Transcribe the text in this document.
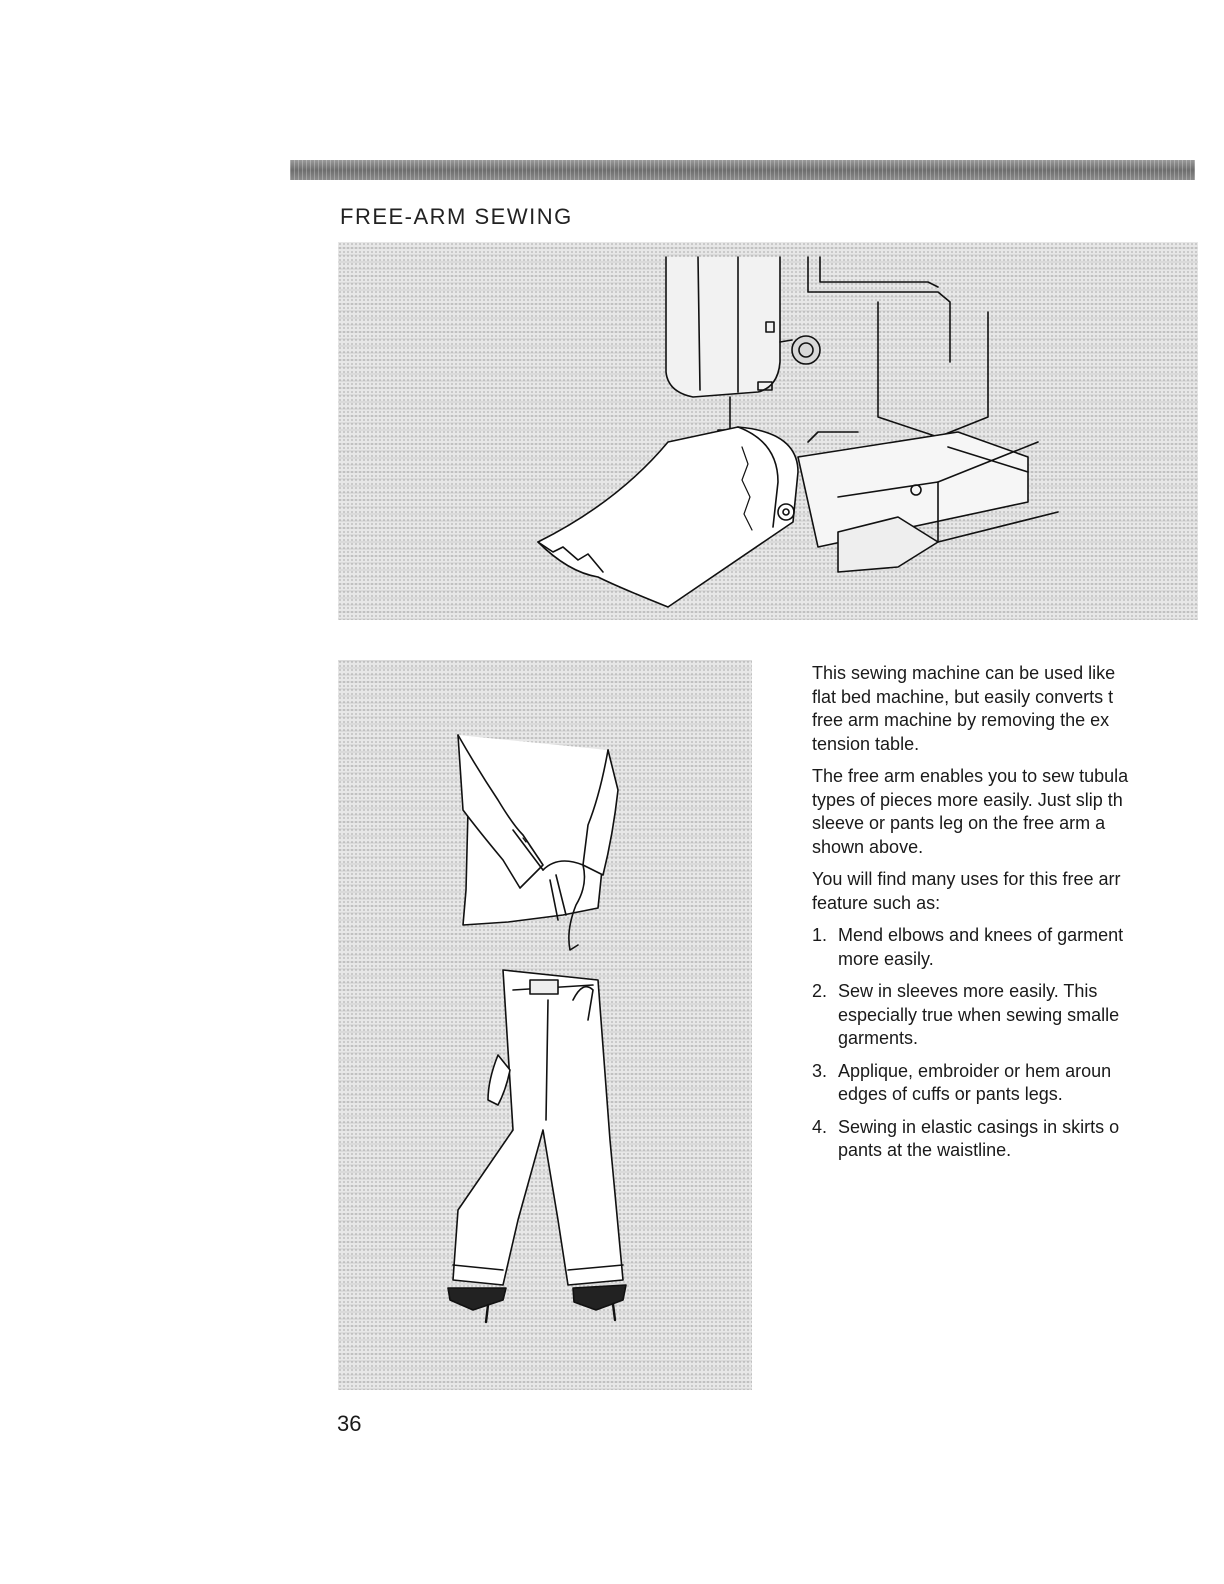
FREE-ARM SEWING

This sewing machine can be used like
flat bed machine, but easily converts t
free arm machine by removing the ex
tension table.

The free arm enables you to sew tubula
types of pieces more easily. Just slip th
sleeve or pants leg on the free arm a
shown above.

You will find many uses for this free arr
feature such as:

1. Mend elbows and knees of garment
more easily.
2. Sew in sleeves more easily. This
especially true when sewing smalle
garments.
3. Applique, embroider or hem aroun
edges of cuffs or pants legs.
4. Sewing in elastic casings in skirts o
pants at the waistline.
36
